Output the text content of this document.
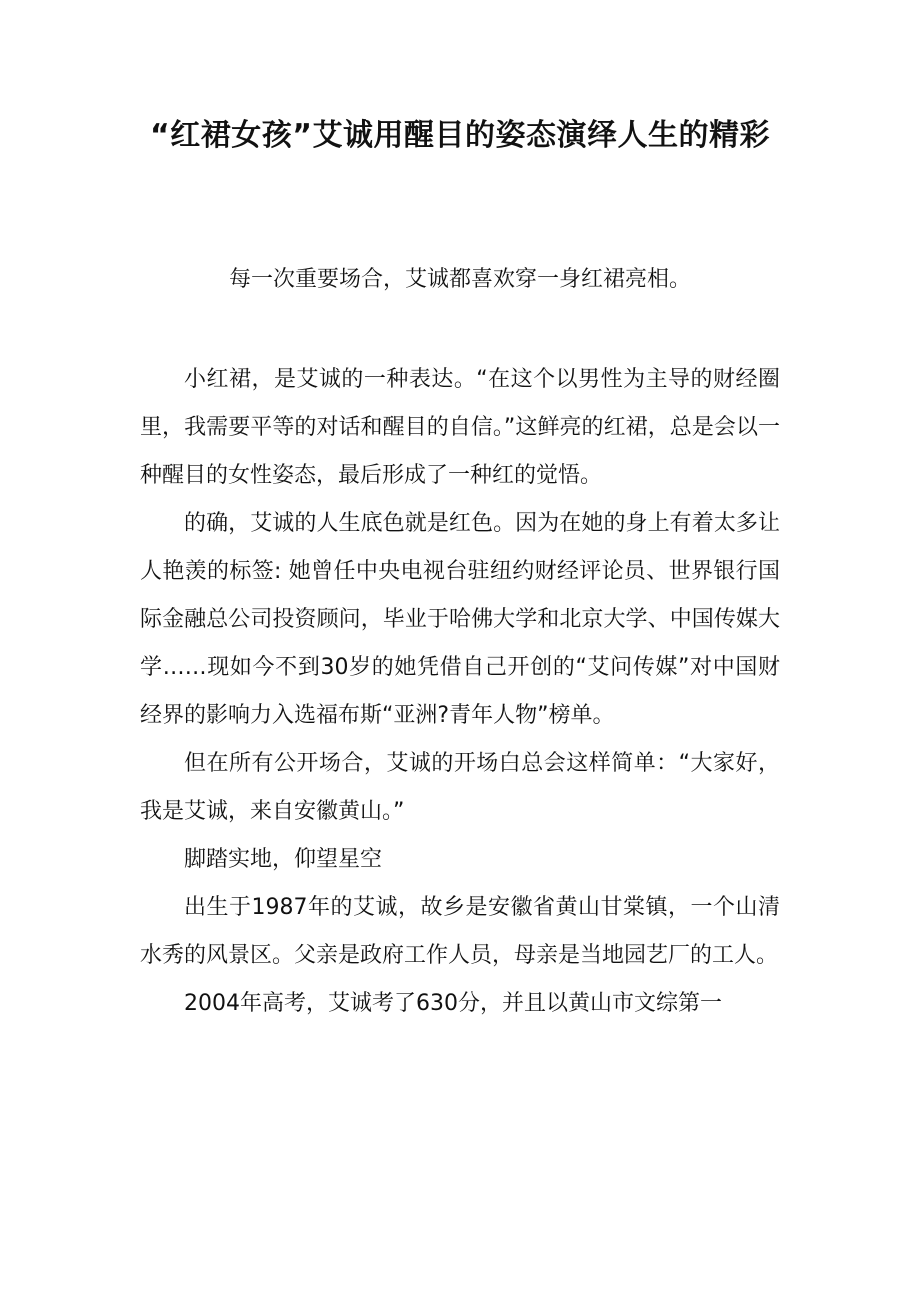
“红裙女孩”艾诚用醒目的姿态演绎人生的精彩
每一次重要场合，艾诚都喜欢穿一身红裙亮相。

小红裙，是艾诚的一种表达。“在这个以男性为主导的财经圈里，我需要平等的对话和醒目的自信。”这鲜亮的红裙，总是会以一种醒目的女性姿态，最后形成了一种红的觉悟。

的确，艾诚的人生底色就是红色。因为在她的身上有着太多让人艳羡的标签: 她曾任中央电视台驻纽约财经评论员、世界银行国际金融总公司投资顾问，毕业于哈佛大学和北京大学、中国传媒大学……现如今不到30岁的她凭借自己开创的“艾问传媒”对中国财经界的影响力入选福布斯“亚洲?青年人物”榜单。

但在所有公开场合，艾诚的开场白总会这样简单：“大家好，我是艾诚，来自安徽黄山。”

脚踏实地，仰望星空

出生于1987年的艾诚，故乡是安徽省黄山甘棠镇，一个山清水秀的风景区。父亲是政府工作人员，母亲是当地园艺厂的工人。

2004年高考，艾诚考了630分，并且以黄山市文综第一
